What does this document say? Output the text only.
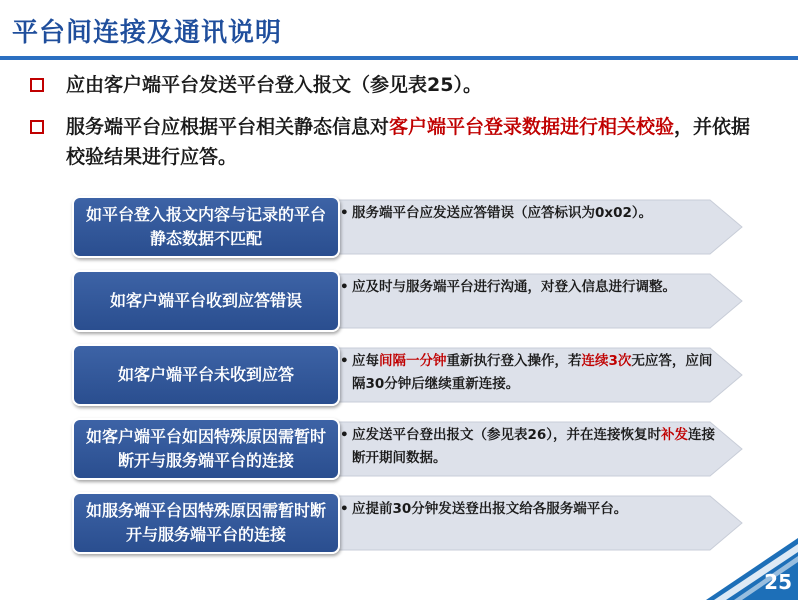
平台间连接及通讯说明
应由客户端平台发送平台登入报文（参见表25）。
服务端平台应根据平台相关静态信息对客户端平台登录数据进行相关校验，并依据校验结果进行应答。
如平台登入报文内容与记录的平台静态数据不匹配
• 服务端平台应发送应答错误（应答标识为0x02）。
如客户端平台收到应答错误
• 应及时与服务端平台进行沟通，对登入信息进行调整。
如客户端平台未收到应答
• 应每间隔一分钟重新执行登入操作，若连续3次无应答，应间隔30分钟后继续重新连接。
如客户端平台如因特殊原因需暂时断开与服务端平台的连接
• 应发送平台登出报文（参见表26），并在连接恢复时补发连接断开期间数据。
如服务端平台因特殊原因需暂时断开与服务端平台的连接
• 应提前30分钟发送登出报文给各服务端平台。
25
